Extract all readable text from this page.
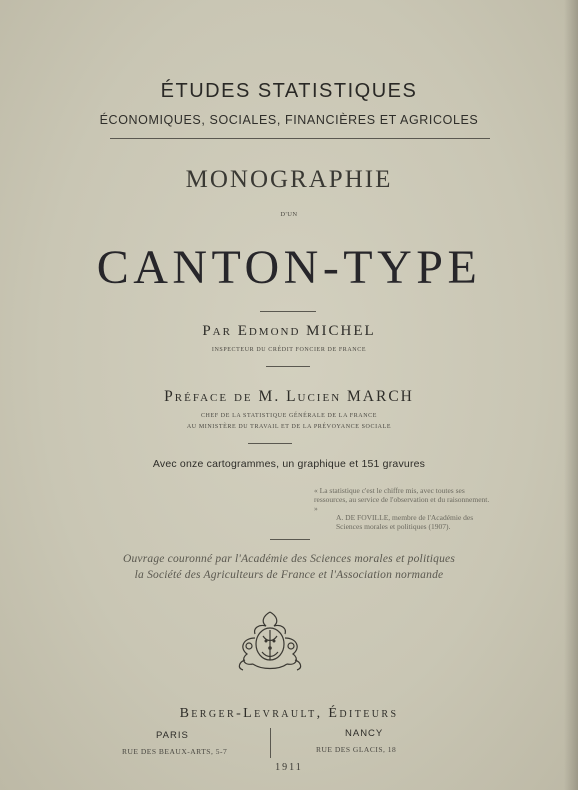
ÉTUDES STATISTIQUES
ÉCONOMIQUES, SOCIALES, FINANCIÈRES ET AGRICOLES
MONOGRAPHIE
D'UN
CANTON-TYPE
Par Edmond MICHEL
INSPECTEUR DU CRÉDIT FONCIER DE FRANCE
Préface de M. Lucien MARCH
CHEF DE LA STATISTIQUE GÉNÉRALE DE LA FRANCE
AU MINISTÈRE DU TRAVAIL ET DE LA PRÉVOYANCE SOCIALE
Avec onze cartogrammes, un graphique et 151 gravures
« La statistique c'est le chiffre mis, avec toutes ses ressources, au service de l'observation et du raisonnement. »
A. DE FOVILLE, membre de l'Académie des Sciences morales et politiques (1907).
Ouvrage couronné par l'Académie des Sciences morales et politiques
la Société des Agriculteurs de France et l'Association normande
Berger-Levrault, Éditeurs
PARIS
RUE DES BEAUX-ARTS, 5-7
NANCY
RUE DES GLACIS, 18
1911
